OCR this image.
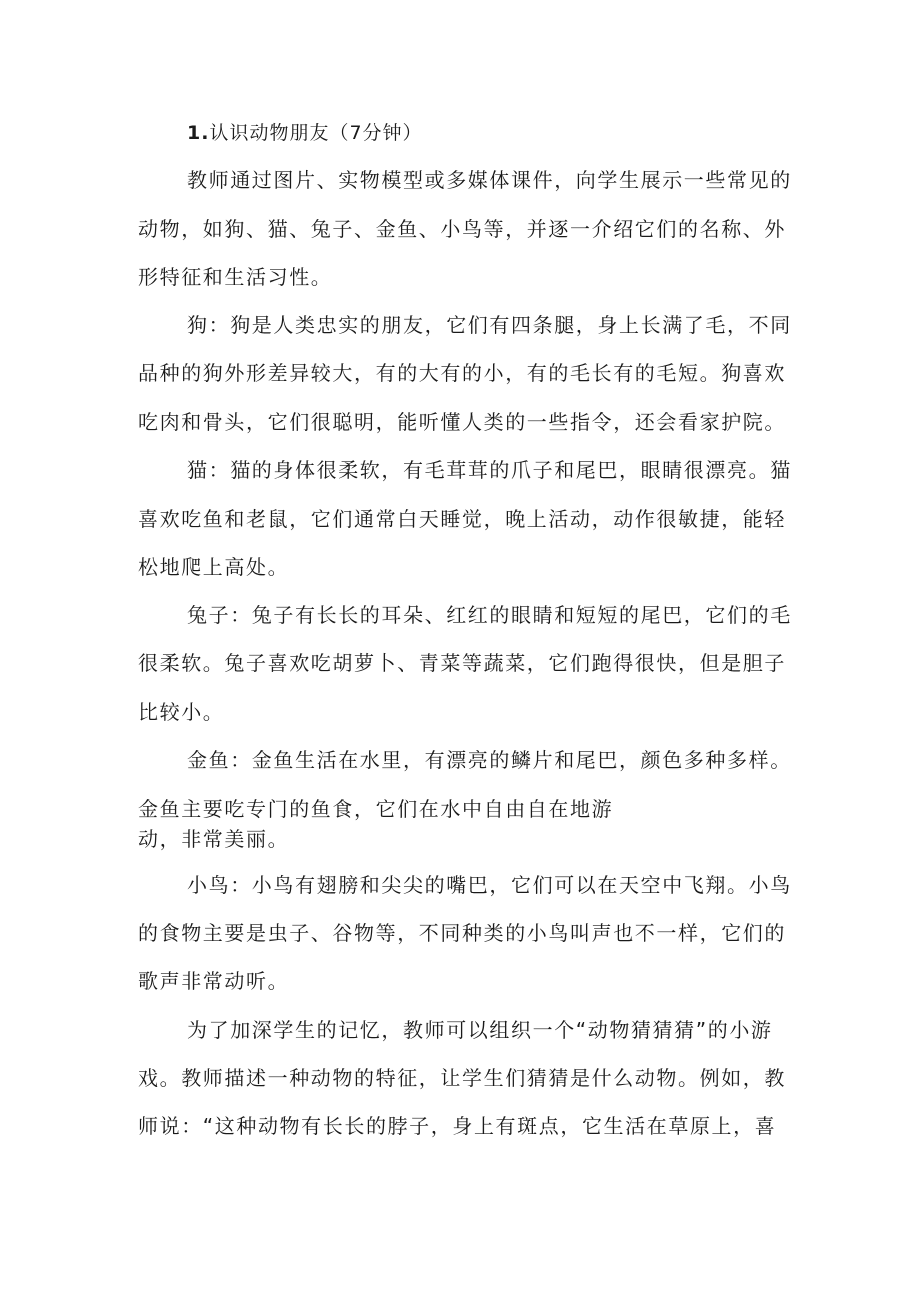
1.认识动物朋友（7分钟）
教师通过图片、实物模型或多媒体课件，向学生展示一些常见的
动物，如狗、猫、兔子、金鱼、小鸟等，并逐一介绍它们的名称、外
形特征和生活习性。
狗：狗是人类忠实的朋友，它们有四条腿，身上长满了毛，不同
品种的狗外形差异较大，有的大有的小，有的毛长有的毛短。狗喜欢
吃肉和骨头，它们很聪明，能听懂人类的一些指令，还会看家护院。
猫：猫的身体很柔软，有毛茸茸的爪子和尾巴，眼睛很漂亮。猫
喜欢吃鱼和老鼠，它们通常白天睡觉，晚上活动，动作很敏捷，能轻
松地爬上高处。
兔子：兔子有长长的耳朵、红红的眼睛和短短的尾巴，它们的毛
很柔软。兔子喜欢吃胡萝卜、青菜等蔬菜，它们跑得很快，但是胆子
比较小。
金鱼：金鱼生活在水里，有漂亮的鳞片和尾巴，颜色多种多样。
金鱼主要吃专门的鱼食，它们在水中自由自在地游
动，非常美丽。
小鸟：小鸟有翅膀和尖尖的嘴巴，它们可以在天空中飞翔。小鸟
的食物主要是虫子、谷物等，不同种类的小鸟叫声也不一样，它们的
歌声非常动听。
为了加深学生的记忆，教师可以组织一个“动物猜猜猜”的小游
戏。教师描述一种动物的特征，让学生们猜猜是什么动物。例如，教
师说：“这种动物有长长的脖子，身上有斑点，它生活在草原上，喜
